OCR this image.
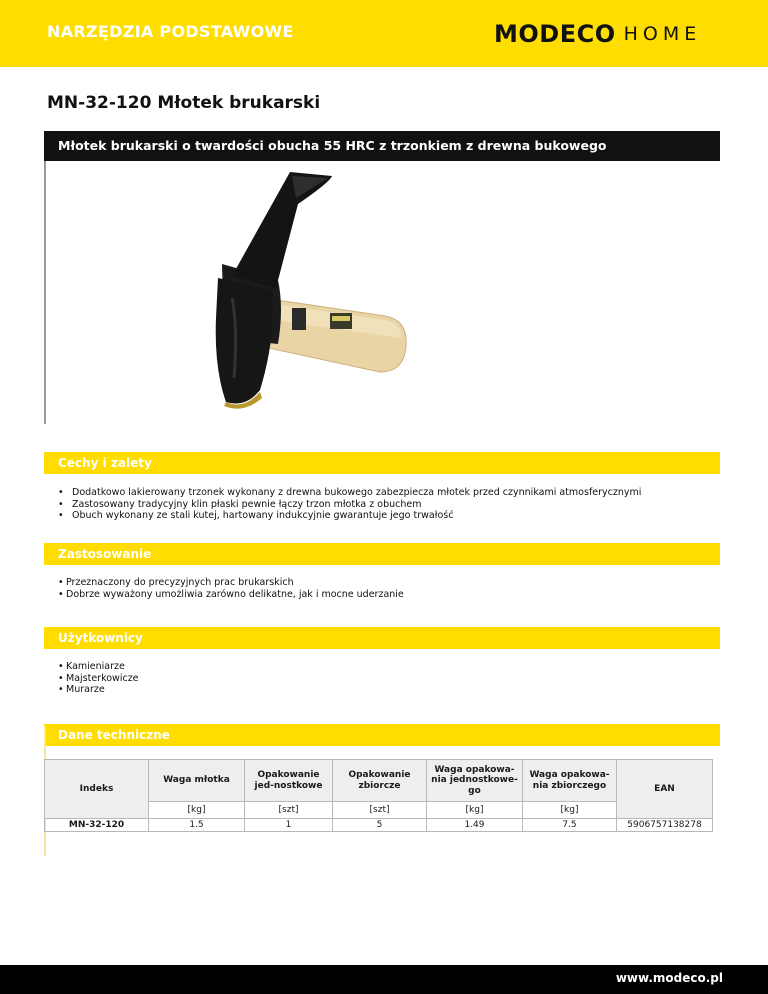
NARZĘDZIA PODSTAWOWE	MODECO HOME
MN-32-120 Młotek brukarski
Młotek brukarski o twardości obucha 55 HRC z trzonkiem z drewna bukowego
Cechy i zalety
• Dodatkowo lakierowany trzonek wykonany z drewna bukowego zabezpiecza młotek przed czynnikami atmosferycznymi
• Zastosowany tradycyjny klin płaski pewnie łączy trzon młotka z obuchem
• Obuch wykonany ze stali kutej, hartowany indukcyjnie gwarantuje jego trwałość
Zastosowanie
• Przeznaczony do precyzyjnych prac brukarskich
• Dobrze wyważony umożliwia zarówno delikatne, jak i mocne uderzanie
Użytkownicy
• Kamieniarze
• Majsterkowicze
• Murarze
Dane techniczne
Indeks	Waga młotka	Opakowanie jed-nostkowe	Opakowanie zbiorcze	Waga opakowa-nia jednostkowe-go	Waga opakowa-nia zbiorczego	EAN
	[kg]	[szt]	[szt]	[kg]	[kg]	
MN-32-120	1.5	1	5	1.49	7.5	5906757138278
www.modeco.pl
